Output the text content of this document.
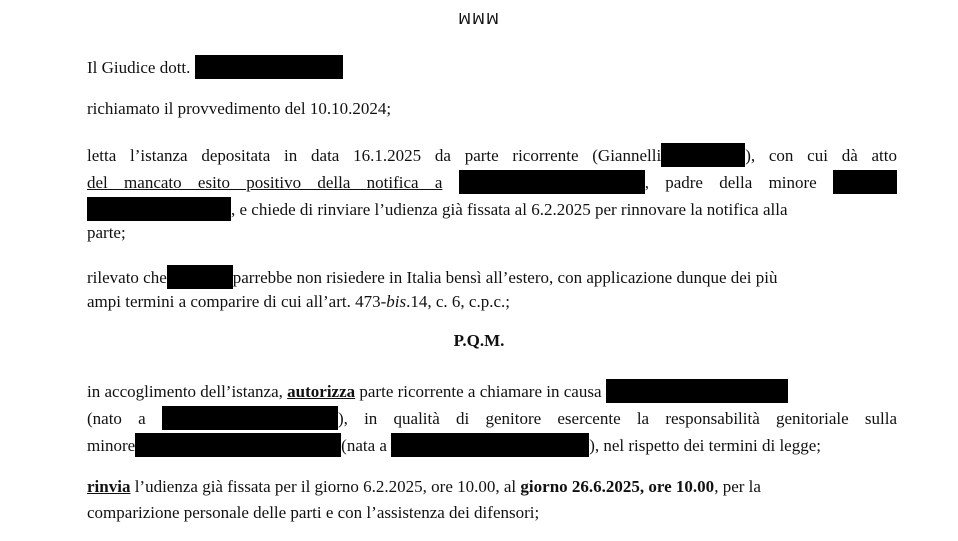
ꟽꟽꟽ
Il Giudice dott.
richiamato il provvedimento del 10.10.2024;
letta l’istanza depositata in data 16.1.2025 da parte ricorrente (Giannelli	), con cui dà atto
del mancato esito positivo della notifica a	, padre della minore
, e chiede di rinviare l’udienza già fissata al 6.2.2025 per rinnovare la notifica alla
parte;
rilevato che	parrebbe non risiedere in Italia bensì all’estero, con applicazione dunque dei più
ampi termini a comparire di cui all’art. 473-bis.14, c. 6, c.p.c.;
P.Q.M.
in accoglimento dell’istanza, autorizza parte ricorrente a chiamare in causa
(nato a	), in qualità di genitore esercente la responsabilità genitoriale sulla
minore	(nata a	), nel rispetto dei termini di legge;
rinvia l’udienza già fissata per il giorno 6.2.2025, ore 10.00, al giorno 26.6.2025, ore 10.00, per la
comparizione personale delle parti e con l’assistenza dei difensori;
